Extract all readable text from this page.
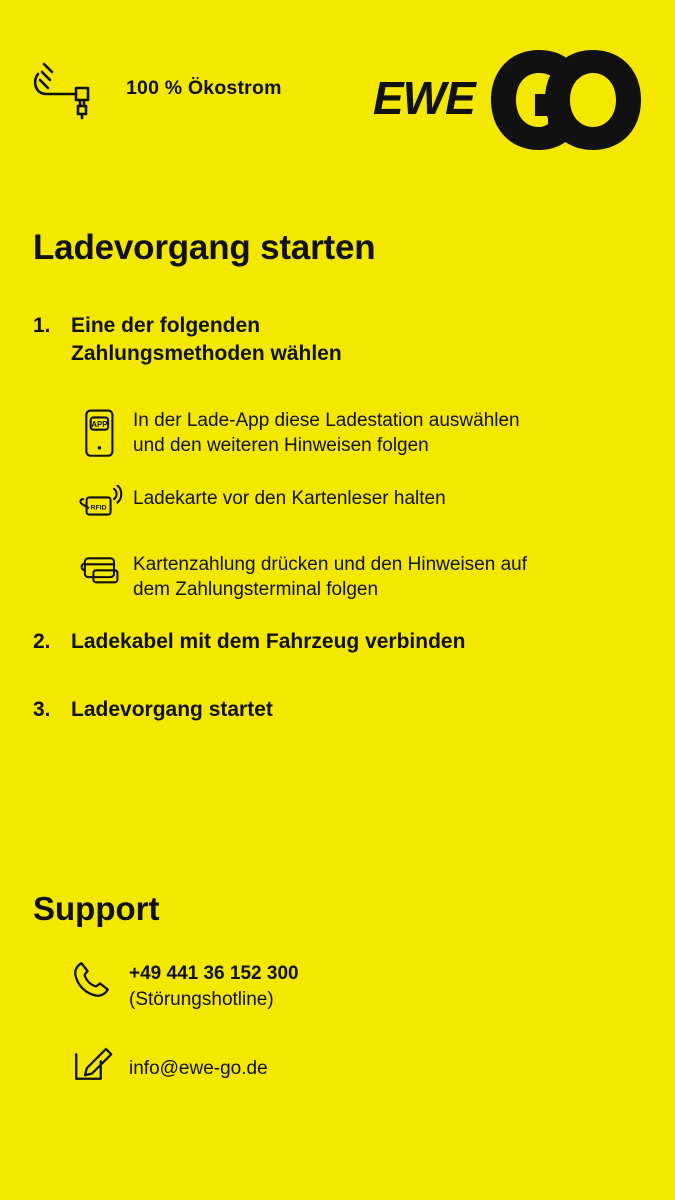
100 % Ökostrom EWE
Ladevorgang starten
1. Eine der folgenden
Zahlungsmethoden wählen
APP In der Lade-App diese Ladestation auswählen
und den weiteren Hinweisen folgen
RFID Ladekarte vor den Kartenleser halten
Kartenzahlung drücken und den Hinweisen auf
dem Zahlungsterminal folgen
2. Ladekabel mit dem Fahrzeug verbinden
3. Ladevorgang startet
Support
+49 441 36 152 300
(Störungshotline)
info@ewe-go.de
